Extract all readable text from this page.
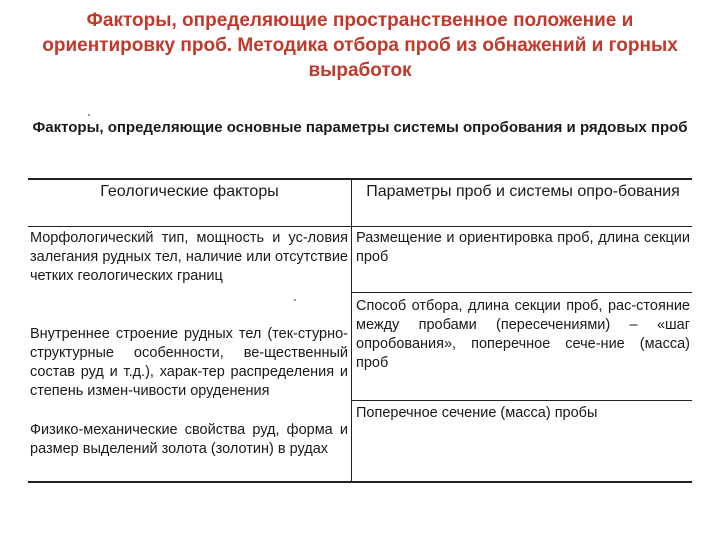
Факторы, определяющие пространственное положение и ориентировку проб. Методика отбора проб из обнажений и горных выработок
Факторы, определяющие основные параметры системы опробования и рядовых проб
Геологические факторы	Параметры проб и системы опро-бования
Морфологический тип, мощность и ус-ловия залегания рудных тел, наличие или отсутствие четких геологических границ
Внутреннее строение рудных тел (тек-стурно-структурные особенности, ве-щественный состав руд и т.д.), харак-тер распределения и степень измен-чивости оруденения
Физико-механические свойства руд, форма и размер выделений золота (золотин) в рудах
Размещение и ориентировка проб, длина секции проб
Способ отбора, длина секции проб, рас-стояние между пробами (пересечениями) – «шаг опробования», поперечное сече-ние (масса) проб
Поперечное сечение (масса) пробы
